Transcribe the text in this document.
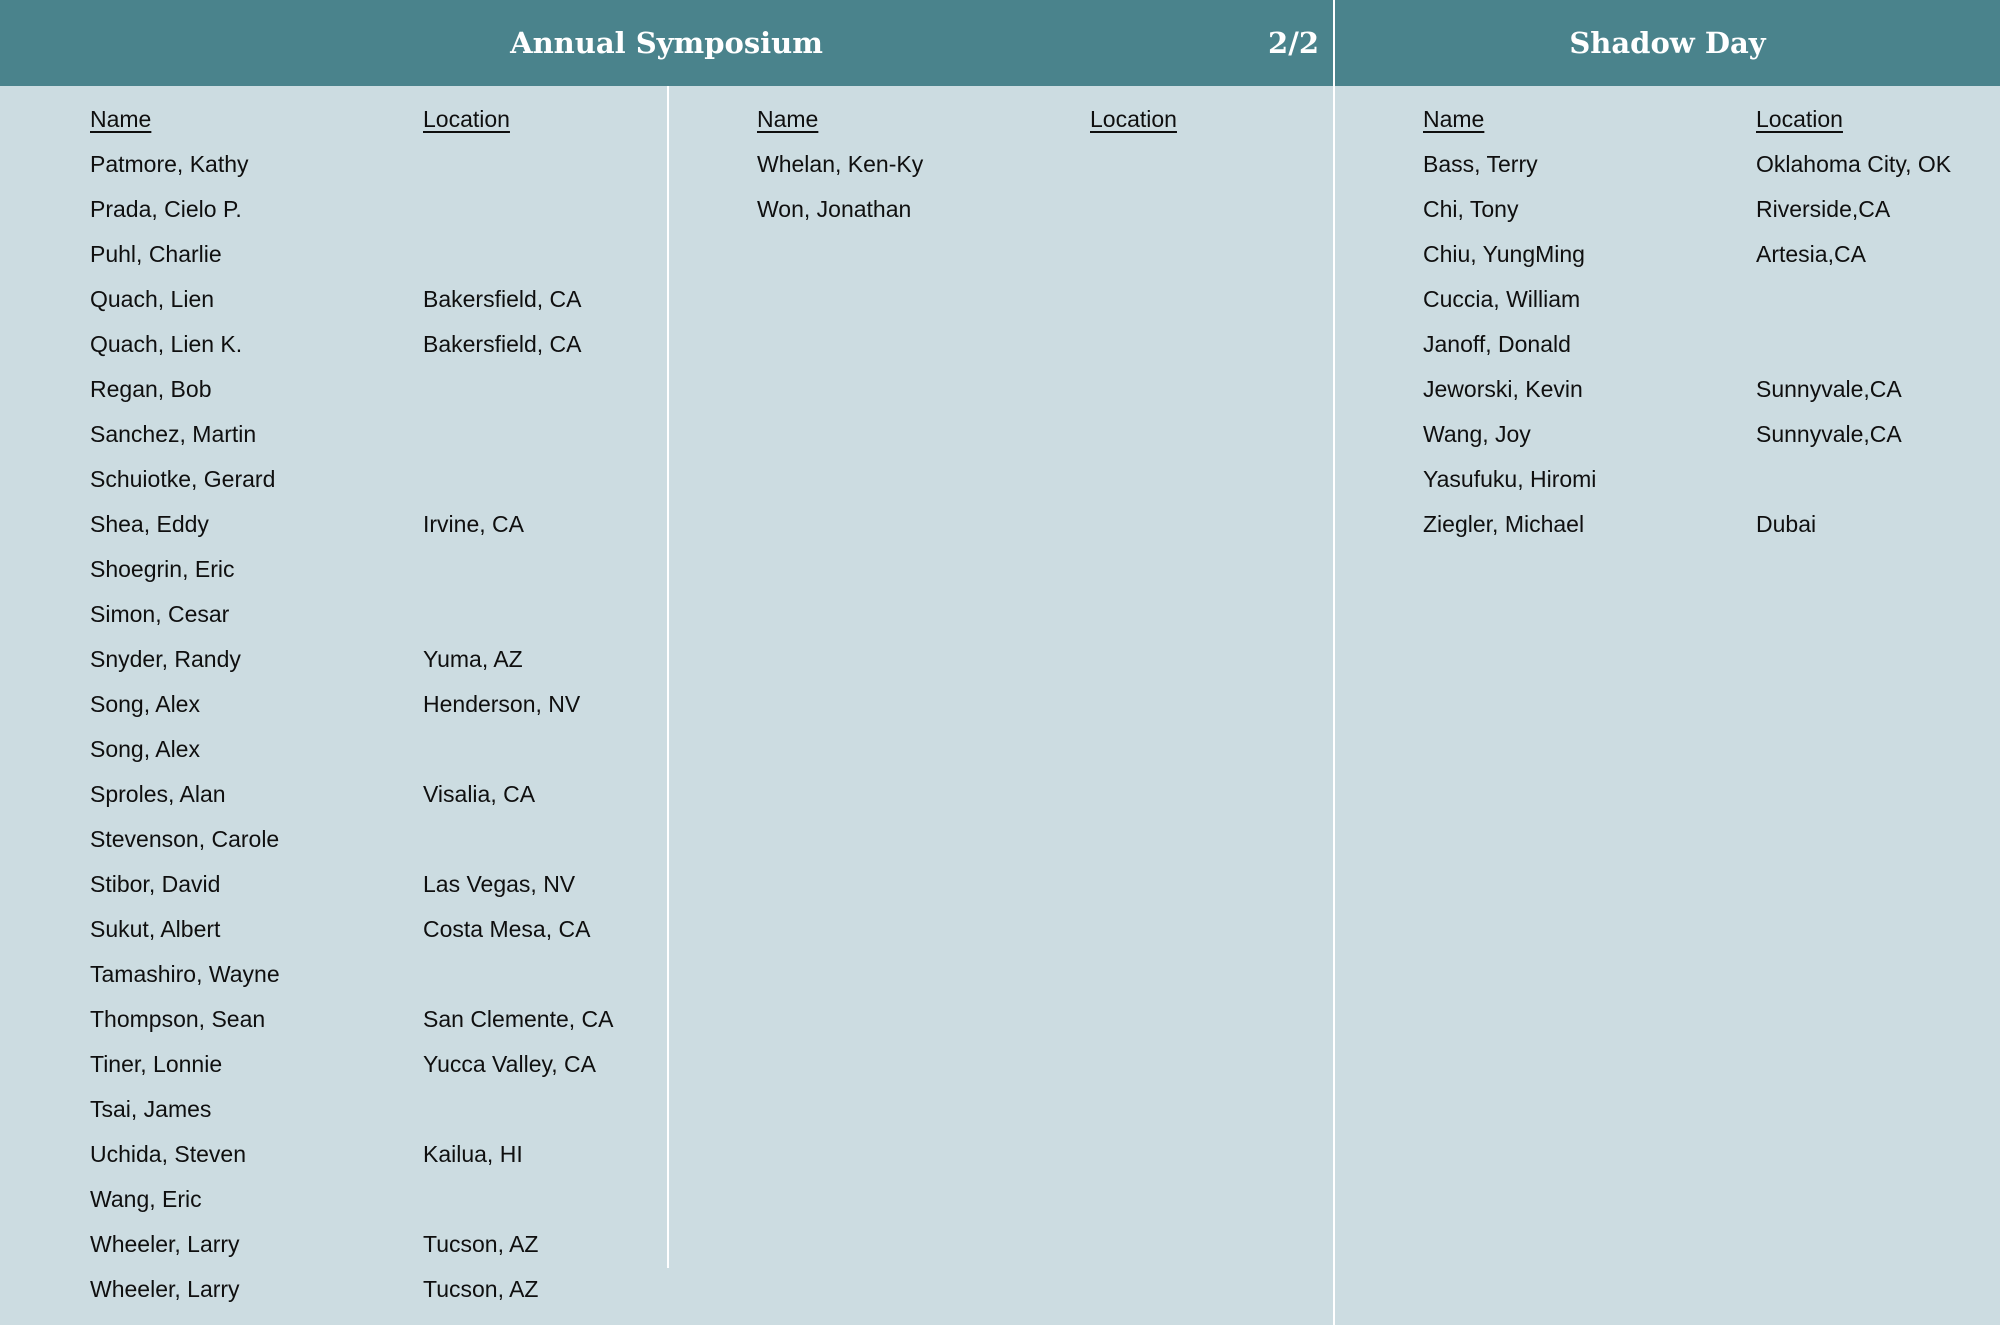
Annual Symposium	2/2	Shadow Day
Name	Location
Patmore, Kathy
Prada, Cielo P.
Puhl, Charlie
Quach, Lien	Bakersfield, CA
Quach, Lien K.	Bakersfield, CA
Regan, Bob
Sanchez, Martin
Schuiotke, Gerard
Shea, Eddy	Irvine, CA
Shoegrin, Eric
Simon, Cesar
Snyder, Randy	Yuma, AZ
Song, Alex	Henderson, NV
Song, Alex
Sproles, Alan	Visalia, CA
Stevenson, Carole
Stibor, David	Las Vegas, NV
Sukut, Albert	Costa Mesa, CA
Tamashiro, Wayne
Thompson, Sean	San Clemente, CA
Tiner, Lonnie	Yucca Valley, CA
Tsai, James
Uchida, Steven	Kailua, HI
Wang, Eric
Wheeler, Larry	Tucson, AZ
Wheeler, Larry	Tucson, AZ
Name	Location
Whelan, Ken-Ky
Won, Jonathan
Name	Location
Bass, Terry	Oklahoma City, OK
Chi, Tony	Riverside,CA
Chiu, YungMing	Artesia,CA
Cuccia, William
Janoff, Donald
Jeworski, Kevin	Sunnyvale,CA
Wang, Joy	Sunnyvale,CA
Yasufuku, Hiromi
Ziegler, Michael	Dubai
